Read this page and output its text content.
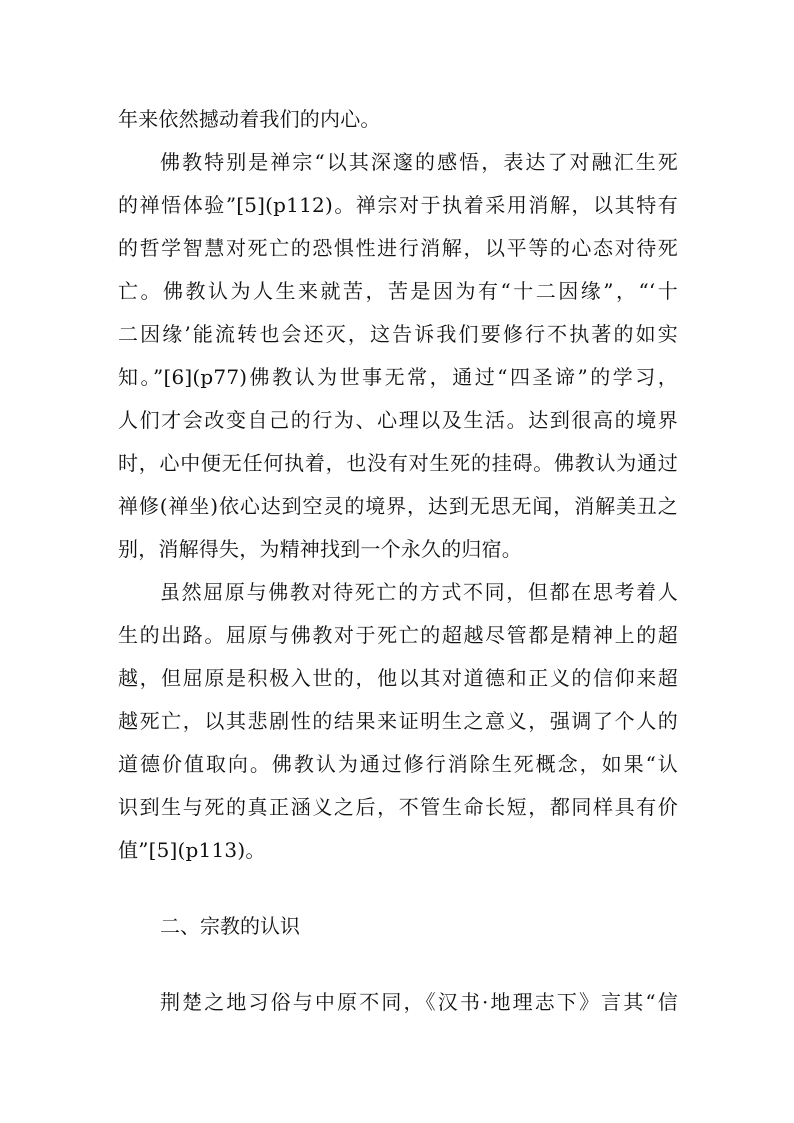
年来依然撼动着我们的内心。
佛教特别是禅宗“以其深邃的感悟，表达了对融汇生死
的禅悟体验”[5](p112)。禅宗对于执着采用消解，以其特有
的哲学智慧对死亡的恐惧性进行消解，以平等的心态对待死
亡。佛教认为人生来就苦，苦是因为有“十二因缘”，“‘十
二因缘’能流转也会还灭，这告诉我们要修行不执著的如实
知。”[6](p77)佛教认为世事无常，通过“四圣谛”的学习，
人们才会改变自己的行为、心理以及生活。达到很高的境界
时，心中便无任何执着，也没有对生死的挂碍。佛教认为通过
禅修(禅坐)依心达到空灵的境界，达到无思无闻，消解美丑之
别，消解得失，为精神找到一个永久的归宿。
虽然屈原与佛教对待死亡的方式不同，但都在思考着人
生的出路。屈原与佛教对于死亡的超越尽管都是精神上的超
越，但屈原是积极入世的，他以其对道德和正义的信仰来超
越死亡，以其悲剧性的结果来证明生之意义，强调了个人的
道德价值取向。佛教认为通过修行消除生死概念，如果“认
识到生与死的真正涵义之后，不管生命长短，都同样具有价
值”[5](p113)。
二、宗教的认识
荆楚之地习俗与中原不同，《汉书·地理志下》言其“信
